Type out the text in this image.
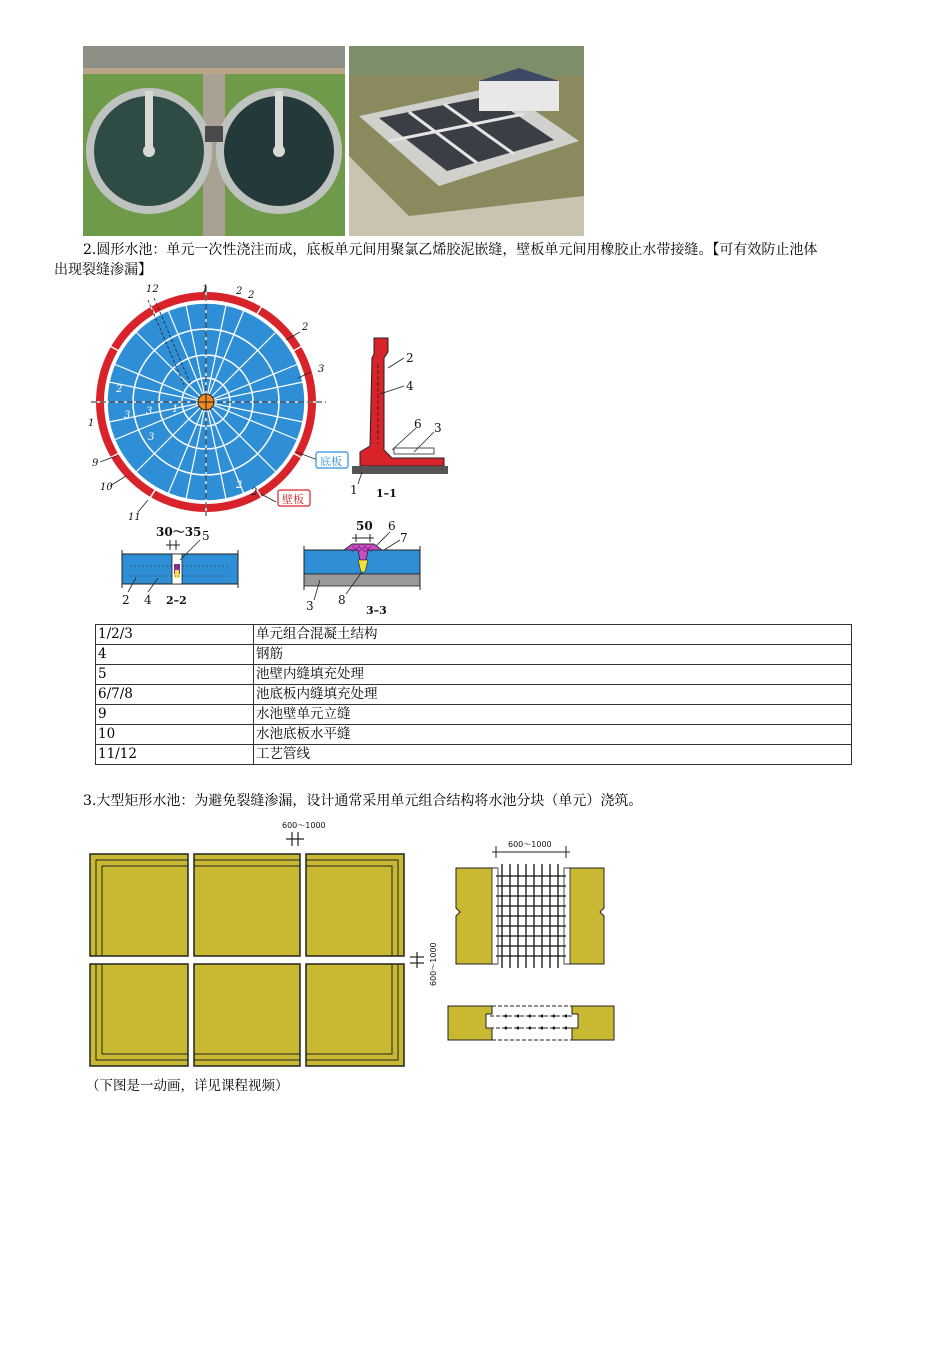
2.圆形水池：单元一次性浇注而成，底板单元间用聚氯乙烯胶泥嵌缝，壁板单元间用橡胶止水带接缝。【可有效防止池体
出现裂缝渗漏】
12	1	2 2
2
3
1
9
10
11
3
3
1
3
2
2
2
底板
壁板
2
4
6 3
1 1–1
30～35 5
2 4 2–2
50 6
7
3 8
3–3
1/2/3	单元组合混凝土结构
4	钢筋
5	池壁内缝填充处理
6/7/8	池底板内缝填充处理
9	水池壁单元立缝
10	水池底板水平缝
11/12	工艺管线
3.大型矩形水池：为避免裂缝渗漏，设计通常采用单元组合结构将水池分块（单元）浇筑。
600～1000
600～1000
600～1000
（下图是一动画，详见课程视频）
